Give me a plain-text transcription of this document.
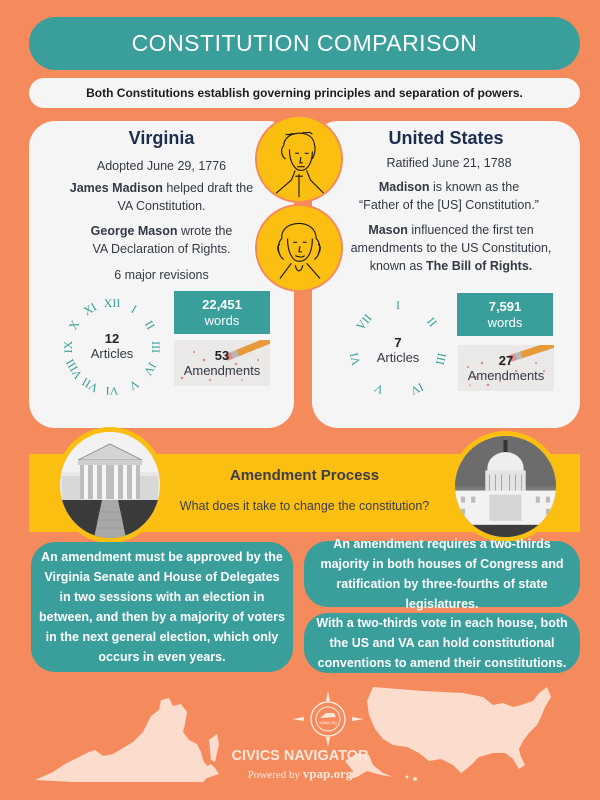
CONSTITUTION COMPARISON
Both Constitutions establish governing principles and separation of powers.
Virginia
Adopted June 29, 1776
James Madison helped draft the
VA Constitution.
George Mason wrote the
VA Declaration of Rights.
6 major revisions
12
Articles
XII I
II
III
IV
V
VI
VII
VIII
IX
X
XI	22,451
words
53
Amendments
United States
Ratified June 21, 1788
Madison is known as the
“Father of the [US] Constitution.”
Mason influenced the first ten
amendments to the US Constitution,
known as The Bill of Rights.
7
Articles
I
II
III
IV
V
VI
VII
7,591
words
27
Amendments
Amendment Process

What does it take to change the constitution?

An amendment must be approved by the Virginia Senate and House of Delegates in two sessions with an election in between, and then by a majority of voters in the next general election, which only occurs in even years.
An amendment requires a two-thirds majority in both houses of Congress and ratification by three-fourths of state legislatures.
With a two-thirds vote in each house, both the US and VA can hold constitutional conventions to amend their constitutions.
vpap.org
CIVICS NAVIGATOR
Powered by vpap.org
